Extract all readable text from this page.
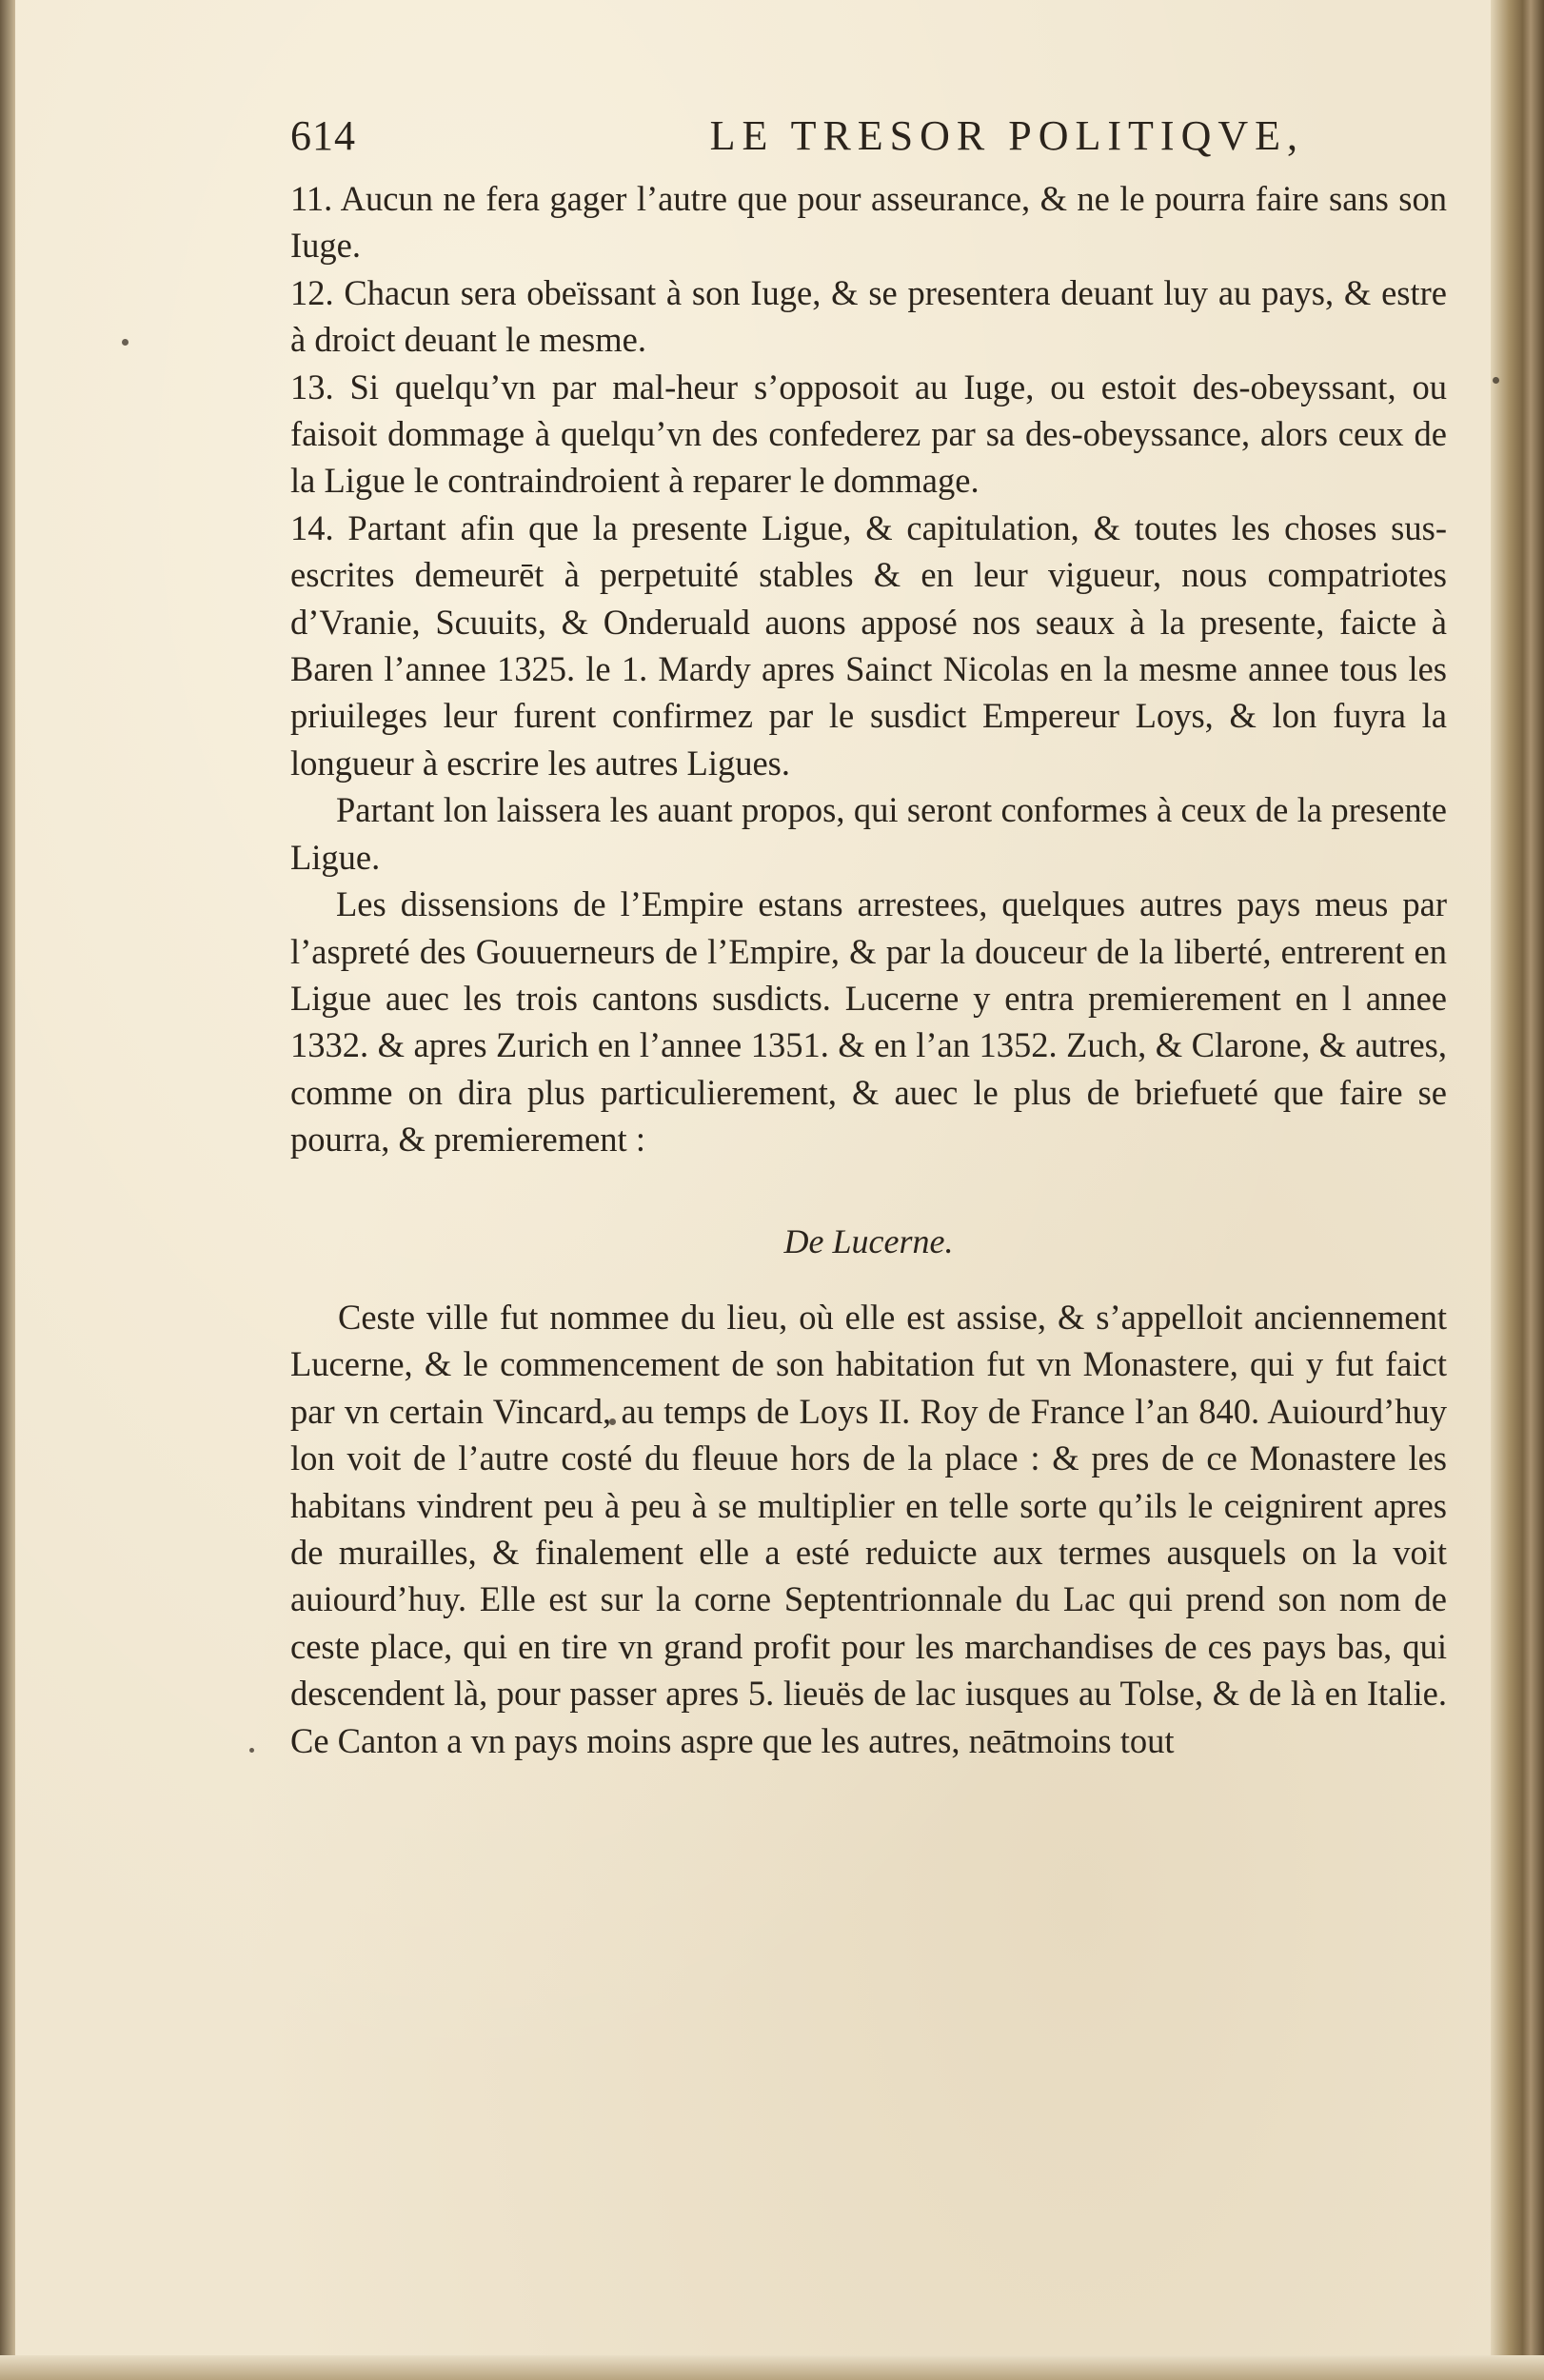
614	LE TRESOR POLITIQVE,

11. Aucun ne fera gager l’autre que pour asseurance, & ne le pourra faire sans son Iuge.

12. Chacun sera obeïssant à son Iuge, & se presentera deuant luy au pays, & estre à droict deuant le mesme.

13. Si quelqu’vn par mal-heur s’opposoit au Iuge, ou estoit des-obeyssant, ou faisoit dommage à quelqu’vn des confederez par sa des-obeyssance, alors ceux de la Ligue le contraindroient à reparer le dommage.

14. Partant afin que la presente Ligue, & capitulation, & toutes les choses sus-escrites demeurēt à perpetuité stables & en leur vigueur, nous compatriotes d’Vranie, Scuuits, & Onderuald auons apposé nos seaux à la presente, faicte à Baren l’annee 1325. le 1. Mardy apres Sainct Nicolas en la mesme annee tous les priuileges leur furent confirmez par le susdict Empereur Loys, & lon fuyra la longueur à escrire les autres Ligues.

Partant lon laissera les auant propos, qui seront conformes à ceux de la presente Ligue.

Les dissensions de l’Empire estans arrestees, quelques autres pays meus par l’aspreté des Gouuerneurs de l’Empire, & par la douceur de la liberté, entrerent en Ligue auec les trois cantons susdicts. Lucerne y entra premierement en l annee 1332. & apres Zurich en l’annee 1351. & en l’an 1352. Zuch, & Clarone, & autres, comme on dira plus particulierement, & auec le plus de briefueté que faire se pourra, & premierement :

De Lucerne.

Ceste ville fut nommee du lieu, où elle est assise, & s’appelloit anciennement Lucerne, & le commencement de son habitation fut vn Monastere, qui y fut faict par vn certain Vincard, au temps de Loys II. Roy de France l’an 840. Auiourd’huy lon voit de l’autre costé du fleuue hors de la place : & pres de ce Monastere les habitans vindrent peu à peu à se multiplier en telle sorte qu’ils le ceignirent apres de murailles, & finalement elle a esté reduicte aux termes ausquels on la voit auiourd’huy. Elle est sur la corne Septentrionnale du Lac qui prend son nom de ceste place, qui en tire vn grand profit pour les marchandises de ces pays bas, qui descendent là, pour passer apres 5. lieuës de lac iusques au Tolse, & de là en Italie. Ce Canton a vn pays moins aspre que les autres, neātmoins tout
